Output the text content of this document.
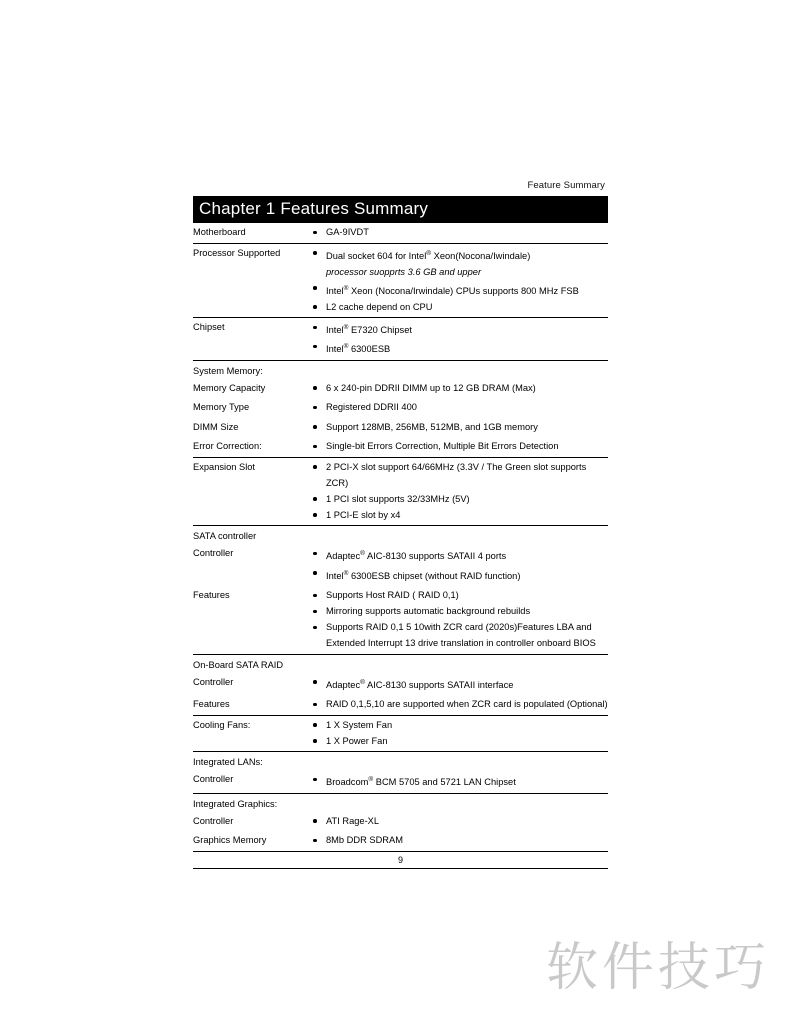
Feature Summary
Chapter 1 Features Summary
Motherboard	GA-9IVDT

Processor Supported	Dual socket 604 for Intel® Xeon(Nocona/Iwindale)
processor suopprts 3.6 GB and upper
Intel® Xeon (Nocona/Irwindale) CPUs supports 800 MHz FSB
L2 cache depend on CPU

Chipset	Intel® E7320 Chipset
Intel® 6300ESB

System Memory:	
Memory Capacity	6 x 240-pin DDRII DIMM up to 12 GB DRAM (Max)

Memory Type	Registered DDRII 400

DIMM Size	Support 128MB, 256MB, 512MB, and 1GB memory

Error Correction:	Single-bit Errors Correction, Multiple Bit Errors Detection

Expansion Slot	2 PCI-X slot support 64/66MHz (3.3V / The Green slot supports
ZCR)
1 PCI slot supports 32/33MHz (5V)
1 PCI-E slot by x4

SATA controller	
Controller	Adaptec® AIC-8130 supports SATAII 4 ports
Intel® 6300ESB chipset (without RAID function)

Features	Supports Host RAID ( RAID 0,1)
Mirroring supports automatic background rebuilds
Supports RAID 0,1 5 10with ZCR card (2020s)Features LBA and
Extended Interrupt 13 drive translation in controller onboard BIOS

On-Board SATA RAID	
Controller	Adaptec® AIC-8130 supports SATAII interface

Features	RAID 0,1,5,10 are supported when ZCR card is populated (Optional)

Cooling Fans:	1 X System Fan
1 X Power Fan

Integrated LANs:	
Controller	Broadcom® BCM 5705 and 5721 LAN Chipset

Integrated Graphics:	
Controller	ATI Rage-XL

Graphics Memory	8Mb DDR SDRAM
9
软件技巧
